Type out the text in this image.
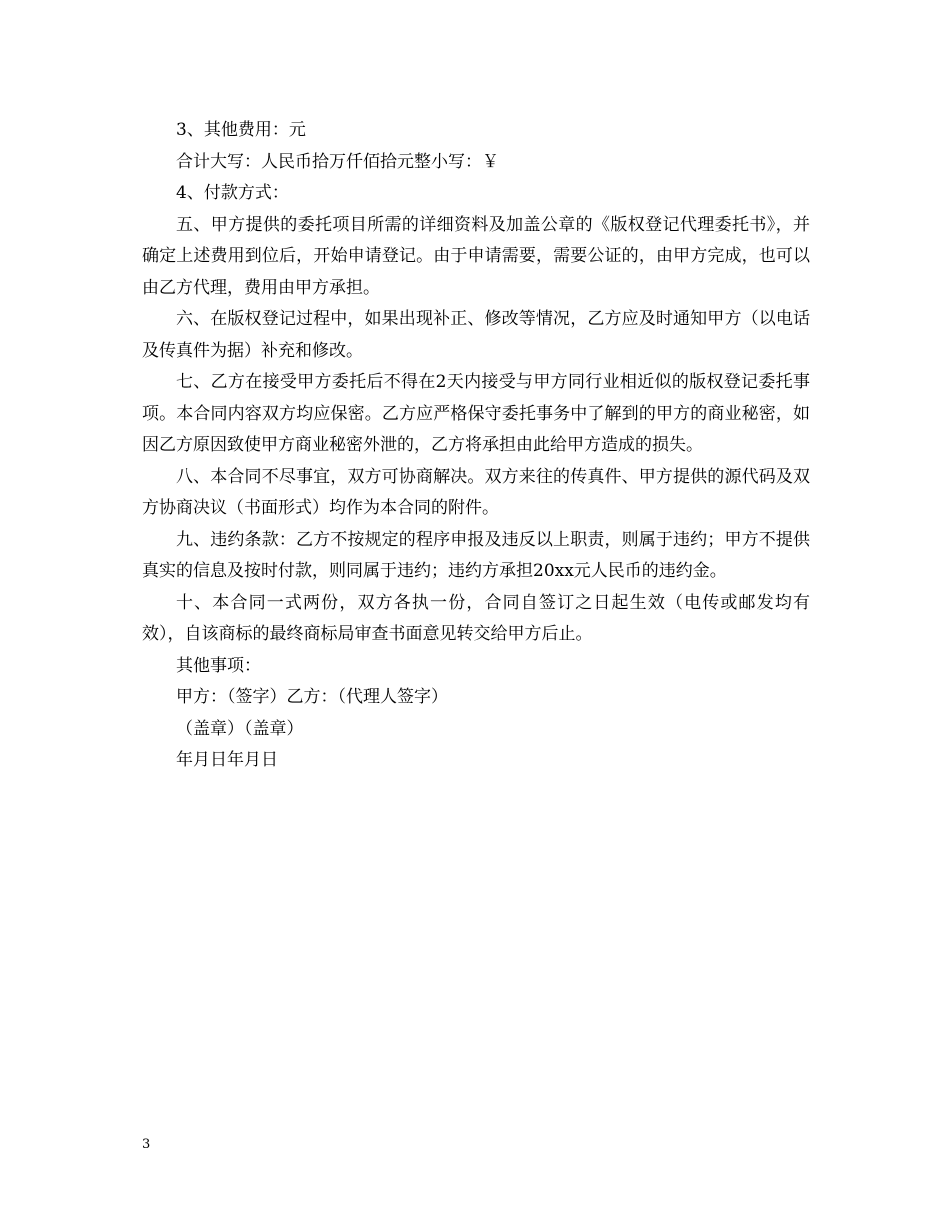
3、其他费用：元

合计大写：人民币拾万仟佰拾元整小写：￥

4、付款方式：

五、甲方提供的委托项目所需的详细资料及加盖公章的《版权登记代理委托书》，并确定上述费用到位后，开始申请登记。由于申请需要，需要公证的，由甲方完成，也可以由乙方代理，费用由甲方承担。

六、在版权登记过程中，如果出现补正、修改等情况，乙方应及时通知甲方（以电话及传真件为据）补充和修改。

七、乙方在接受甲方委托后不得在2天内接受与甲方同行业相近似的版权登记委托事项。本合同内容双方均应保密。乙方应严格保守委托事务中了解到的甲方的商业秘密，如因乙方原因致使甲方商业秘密外泄的，乙方将承担由此给甲方造成的损失。

八、本合同不尽事宜，双方可协商解决。双方来往的传真件、甲方提供的源代码及双方协商决议（书面形式）均作为本合同的附件。

九、违约条款：乙方不按规定的程序申报及违反以上职责，则属于违约；甲方不提供真实的信息及按时付款，则同属于违约；违约方承担20xx元人民币的违约金。

十、本合同一式两份，双方各执一份，合同自签订之日起生效（电传或邮发均有效），自该商标的最终商标局审查书面意见转交给甲方后止。

其他事项：

甲方：（签字）乙方：（代理人签字）

（盖章）（盖章）

年月日年月日

3
